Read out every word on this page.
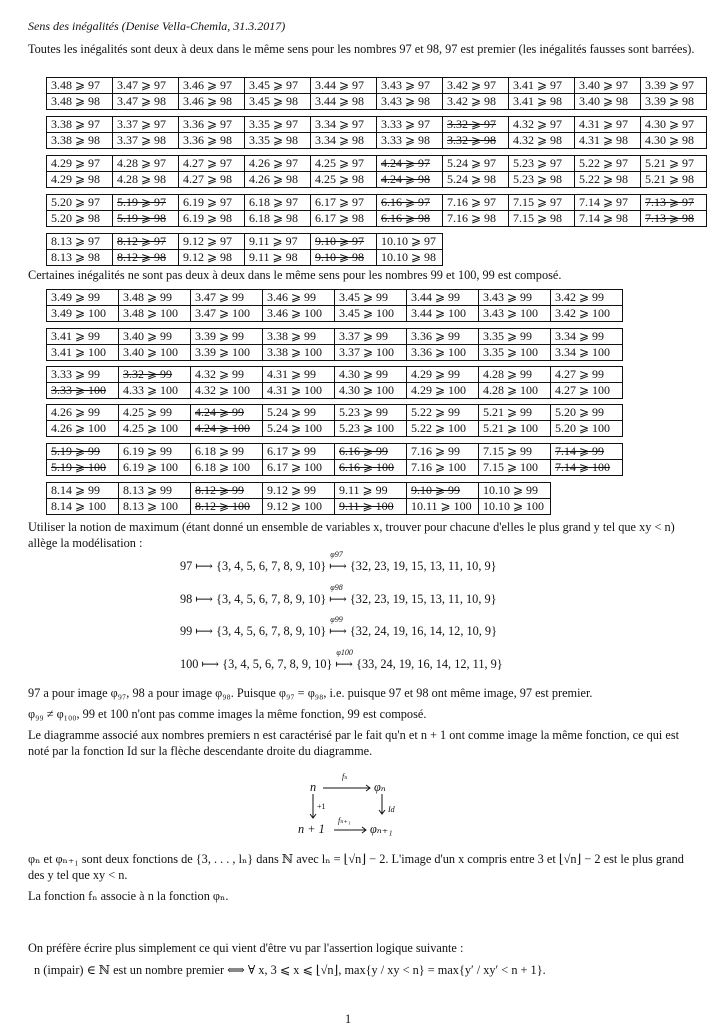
Sens des inégalités (Denise Vella-Chemla, 31.3.2017)
Toutes les inégalités sont deux à deux dans le même sens pour les nombres 97 et 98, 97 est premier (les inégalités fausses sont barrées).
3.48 ⩾ 97	3.47 ⩾ 97	3.46 ⩾ 97	3.45 ⩾ 97	3.44 ⩾ 97	3.43 ⩾ 97	3.42 ⩾ 97	3.41 ⩾ 97	3.40 ⩾ 97	3.39 ⩾ 97
3.48 ⩾ 98	3.47 ⩾ 98	3.46 ⩾ 98	3.45 ⩾ 98	3.44 ⩾ 98	3.43 ⩾ 98	3.42 ⩾ 98	3.41 ⩾ 98	3.40 ⩾ 98	3.39 ⩾ 98
3.38 ⩾ 97	3.37 ⩾ 97	3.36 ⩾ 97	3.35 ⩾ 97	3.34 ⩾ 97	3.33 ⩾ 97	3.32 ⩾ 97	4.32 ⩾ 97	4.31 ⩾ 97	4.30 ⩾ 97
3.38 ⩾ 98	3.37 ⩾ 98	3.36 ⩾ 98	3.35 ⩾ 98	3.34 ⩾ 98	3.33 ⩾ 98	3.32 ⩾ 98	4.32 ⩾ 98	4.31 ⩾ 98	4.30 ⩾ 98
4.29 ⩾ 97	4.28 ⩾ 97	4.27 ⩾ 97	4.26 ⩾ 97	4.25 ⩾ 97	4.24 ⩾ 97	5.24 ⩾ 97	5.23 ⩾ 97	5.22 ⩾ 97	5.21 ⩾ 97
4.29 ⩾ 98	4.28 ⩾ 98	4.27 ⩾ 98	4.26 ⩾ 98	4.25 ⩾ 98	4.24 ⩾ 98	5.24 ⩾ 98	5.23 ⩾ 98	5.22 ⩾ 98	5.21 ⩾ 98
5.20 ⩾ 97	5.19 ⩾ 97	6.19 ⩾ 97	6.18 ⩾ 97	6.17 ⩾ 97	6.16 ⩾ 97	7.16 ⩾ 97	7.15 ⩾ 97	7.14 ⩾ 97	7.13 ⩾ 97
5.20 ⩾ 98	5.19 ⩾ 98	6.19 ⩾ 98	6.18 ⩾ 98	6.17 ⩾ 98	6.16 ⩾ 98	7.16 ⩾ 98	7.15 ⩾ 98	7.14 ⩾ 98	7.13 ⩾ 98
8.13 ⩾ 97	8.12 ⩾ 97	9.12 ⩾ 97	9.11 ⩾ 97	9.10 ⩾ 97	10.10 ⩾ 97
8.13 ⩾ 98	8.12 ⩾ 98	9.12 ⩾ 98	9.11 ⩾ 98	9.10 ⩾ 98	10.10 ⩾ 98
Certaines inégalités ne sont pas deux à deux dans le même sens pour les nombres 99 et 100, 99 est composé.
3.49 ⩾ 99	3.48 ⩾ 99	3.47 ⩾ 99	3.46 ⩾ 99	3.45 ⩾ 99	3.44 ⩾ 99	3.43 ⩾ 99	3.42 ⩾ 99
3.49 ⩾ 100	3.48 ⩾ 100	3.47 ⩾ 100	3.46 ⩾ 100	3.45 ⩾ 100	3.44 ⩾ 100	3.43 ⩾ 100	3.42 ⩾ 100
3.41 ⩾ 99	3.40 ⩾ 99	3.39 ⩾ 99	3.38 ⩾ 99	3.37 ⩾ 99	3.36 ⩾ 99	3.35 ⩾ 99	3.34 ⩾ 99
3.41 ⩾ 100	3.40 ⩾ 100	3.39 ⩾ 100	3.38 ⩾ 100	3.37 ⩾ 100	3.36 ⩾ 100	3.35 ⩾ 100	3.34 ⩾ 100
3.33 ⩾ 99	3.32 ⩾ 99	4.32 ⩾ 99	4.31 ⩾ 99	4.30 ⩾ 99	4.29 ⩾ 99	4.28 ⩾ 99	4.27 ⩾ 99
3.33 ⩾ 100	4.33 ⩾ 100	4.32 ⩾ 100	4.31 ⩾ 100	4.30 ⩾ 100	4.29 ⩾ 100	4.28 ⩾ 100	4.27 ⩾ 100
4.26 ⩾ 99	4.25 ⩾ 99	4.24 ⩾ 99	5.24 ⩾ 99	5.23 ⩾ 99	5.22 ⩾ 99	5.21 ⩾ 99	5.20 ⩾ 99
4.26 ⩾ 100	4.25 ⩾ 100	4.24 ⩾ 100	5.24 ⩾ 100	5.23 ⩾ 100	5.22 ⩾ 100	5.21 ⩾ 100	5.20 ⩾ 100
5.19 ⩾ 99	6.19 ⩾ 99	6.18 ⩾ 99	6.17 ⩾ 99	6.16 ⩾ 99	7.16 ⩾ 99	7.15 ⩾ 99	7.14 ⩾ 99
5.19 ⩾ 100	6.19 ⩾ 100	6.18 ⩾ 100	6.17 ⩾ 100	6.16 ⩾ 100	7.16 ⩾ 100	7.15 ⩾ 100	7.14 ⩾ 100
8.14 ⩾ 99	8.13 ⩾ 99	8.12 ⩾ 99	9.12 ⩾ 99	9.11 ⩾ 99	9.10 ⩾ 99	10.10 ⩾ 99
8.14 ⩾ 100	8.13 ⩾ 100	8.12 ⩾ 100	9.12 ⩾ 100	9.11 ⩾ 100	10.11 ⩾ 100	10.10 ⩾ 100
Utiliser la notion de maximum (étant donné un ensemble de variables x, trouver pour chacune d'elles le plus grand y tel que xy < n) allège la modélisation :
97 ⟼ {3, 4, 5, 6, 7, 8, 9, 10}
φ97
⟼ {32, 23, 19, 15, 13, 11, 10, 9}
98 ⟼ {3, 4, 5, 6, 7, 8, 9, 10}
φ98
⟼ {32, 23, 19, 15, 13, 11, 10, 9}
99 ⟼ {3, 4, 5, 6, 7, 8, 9, 10}
φ99
⟼ {32, 24, 19, 16, 14, 12, 10, 9}
100 ⟼ {3, 4, 5, 6, 7, 8, 9, 10}
φ100
⟼ {33, 24, 19, 16, 14, 12, 11, 9}
97 a pour image φ₉₇, 98 a pour image φ₉₈. Puisque φ₉₇ = φ₉₈, i.e. puisque 97 et 98 ont même image, 97 est premier.
φ₉₉ ≠ φ₁₀₀, 99 et 100 n'ont pas comme images la même fonction, 99 est composé.
Le diagramme associé aux nombres premiers n est caractérisé par le fait qu'n et n + 1 ont comme image la même fonction, ce qui est noté par la fonction Id sur la flèche descendante droite du diagramme.
n	φₙ
n + 1	φₙ₊₁
fₙ
fₙ₊₁
+1	Id
φₙ et φₙ₊₁ sont deux fonctions de {3, . . . , lₙ} dans ℕ avec lₙ = ⌊√n⌋ − 2. L'image d'un x compris entre 3 et ⌊√n⌋ − 2 est le plus grand des y tel que xy < n.
La fonction fₙ associe à n la fonction φₙ.
On préfère écrire plus simplement ce qui vient d'être vu par l'assertion logique suivante :
n (impair) ∈ ℕ est un nombre premier ⟺ ∀ x, 3 ⩽ x ⩽ ⌊√n⌋, max{y / xy < n} = max{y′ / xy′ < n + 1}.
1
